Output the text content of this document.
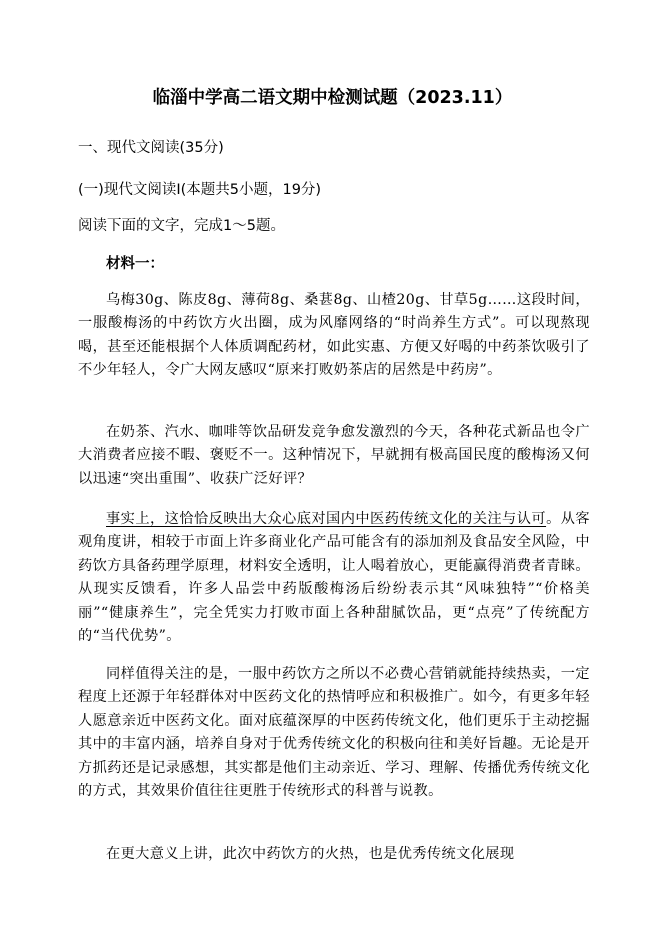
临淄中学高二语文期中检测试题（2023.11）
一、现代文阅读(35分)
(一)现代文阅读Ⅰ(本题共5小题，19分)
阅读下面的文字，完成1～5题。
材料一：

乌梅30g、陈皮8g、薄荷8g、桑葚8g、山楂20g、甘草5g……这段时间，一服酸梅汤的中药饮方火出圈，成为风靡网络的“时尚养生方式”。可以现熬现喝，甚至还能根据个人体质调配药材，如此实惠、方便又好喝的中药茶饮吸引了不少年轻人，令广大网友感叹“原来打败奶茶店的居然是中药房”。

在奶茶、汽水、咖啡等饮品研发竞争愈发激烈的今天，各种花式新品也令广大消费者应接不暇、褒贬不一。这种情况下，早就拥有极高国民度的酸梅汤又何以迅速“突出重围”、收获广泛好评？

事实上，这恰恰反映出大众心底对国内中医药传统文化的关注与认可。从客观角度讲，相较于市面上许多商业化产品可能含有的添加剂及食品安全风险，中药饮方具备药理学原理，材料安全透明，让人喝着放心，更能赢得消费者青睐。从现实反馈看，许多人品尝中药版酸梅汤后纷纷表示其“风味独特”“价格美丽”“健康养生”，完全凭实力打败市面上各种甜腻饮品，更“点亮”了传统配方的“当代优势”。

同样值得关注的是，一服中药饮方之所以不必费心营销就能持续热卖，一定程度上还源于年轻群体对中医药文化的热情呼应和积极推广。如今，有更多年轻人愿意亲近中医药文化。面对底蕴深厚的中医药传统文化，他们更乐于主动挖掘其中的丰富内涵，培养自身对于优秀传统文化的积极向往和美好旨趣。无论是开方抓药还是记录感想，其实都是他们主动亲近、学习、理解、传播优秀传统文化的方式，其效果价值往往更胜于传统形式的科普与说教。

在更大意义上讲，此次中药饮方的火热，也是优秀传统文化展现
